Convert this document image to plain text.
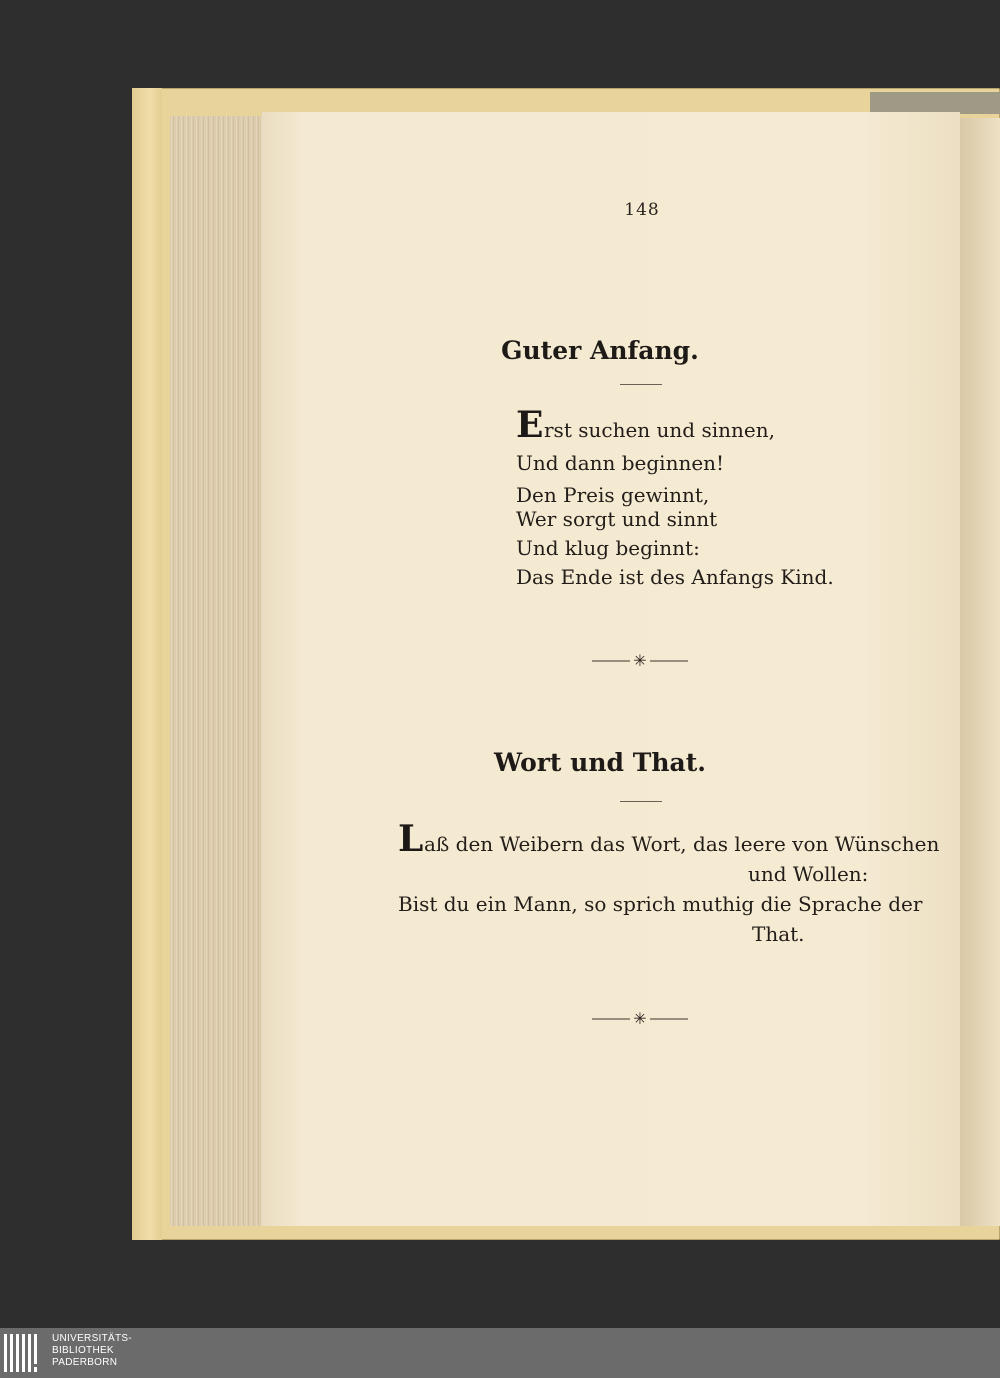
148
Guter Anfang.
E rst suchen und sinnen,
Und dann beginnen!
Den Preis gewinnt,
Wer sorgt und sinnt
Und klug beginnt:
Das Ende ist des Anfangs Kind.
✳
Wort und That.
L aß den Weibern das Wort, das leere von Wünschen
und Wollen:
Bist du ein Mann, so sprich muthig die Sprache der
That.
✳
UNIVERSITÄTS-
BIBLIOTHEK
PADERBORN
